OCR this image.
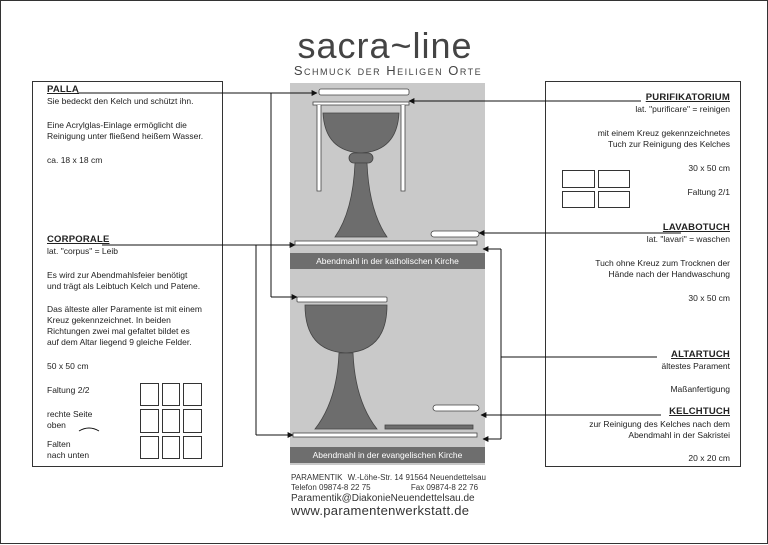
sacra~line
Schmuck der Heiligen Orte
PALLA
Sie bedeckt den Kelch und schützt ihn.
Eine Acrylglas-Einlage ermöglicht die
Reinigung unter fließend heißem Wasser.
ca. 18 x 18 cm
CORPORALE
lat. "corpus" = Leib
Es wird zur Abendmahlsfeier benötigt
und trägt als Leibtuch Kelch und Patene.
Das älteste aller Paramente ist mit einem
Kreuz gekennzeichnet. In beiden
Richtungen zwei mal gefaltet bildet es
auf dem Altar liegend 9 gleiche Felder.
50 x 50 cm
Faltung 2/2
rechte Seite
oben
Falten
nach unten
PURIFIKATORIUM
lat. "purificare" = reinigen
mit einem Kreuz gekennzeichnetes
Tuch zur Reinigung des Kelches
30 x 50 cm
Faltung 2/1
LAVABOTUCH
lat. "lavari" = waschen
Tuch ohne Kreuz zum Trocknen der
Hände nach der Handwaschung
30 x 50 cm
ALTARTUCH
ältestes Parament
Maßanfertigung
KELCHTUCH
zur Reinigung des Kelches nach dem
Abendmahl in der Sakristei
20 x 20 cm
Abendmahl in der katholischen Kirche
Abendmahl in der evangelischen Kirche
PARAMENTIK W.-Löhe-Str. 14 91564 Neuendettelsau
Telefon 09874-8 22 75	Fax 09874-8 22 76
Paramentik@DiakonieNeuendettelsau.de
www.paramentenwerkstatt.de
